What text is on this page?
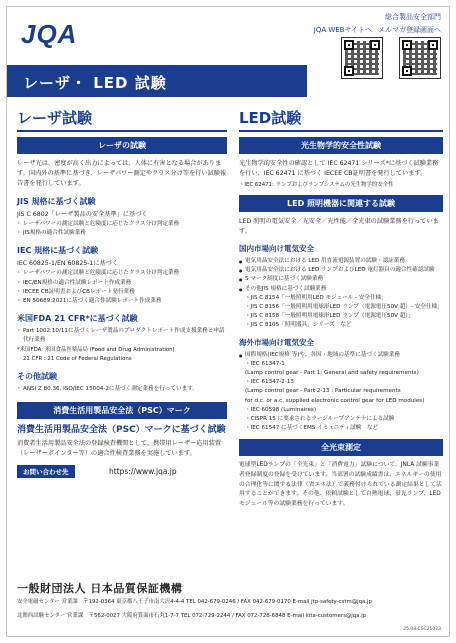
JQA
総合製品安全部門
JQA WEBサイトへ メルマガ登録画面へ
レーザ・ LED 試験
レーザ試験
レーザの試験
レーザ光は、密度が高く出力によっては、人体に有害となる場合があります。国内外の基準に基づき、レーザパワー測定やクラス分け等を行い試験報告書を発行しています。
JIS 規格に基づく試験
JIS C 6802「レーザ製品の安全基準」に基づく
・ レーザパワーの測定試験と危険度に応じたクラス分け判定業務
・ JIS規格の適合性試験業務
IEC 規格に基づく試験
IEC 60825-1/EN 60825-1に基づく
・ レーザパワーの測定試験と危険度に応じたクラス分け判定業務
・ IEC/EN規格の適合性試験レポート作成業務
・ IECEE CB証明書およびCBレポート発行業務
・ EN 50689:2021に基づく適合性試験レポート作成業務
米国FDA 21 CFR*に基づく試験
・ Part 1002.10/11に基づくレーザ製品のプロダクトレポート作成支援業務と申請代行業務
*米国FDA: 米国食品医薬品局 (Food and Drug Administration)
21 CFR : 21 Code of Federal Regulations
その他試験
・ ANSI Z 80.36, ISO/IEC 15004-2に基づく測定業務を行っています。
消費生活用製品安全法（PSC）マーク
消費生活用製品安全法（PSC）マークに基づく試験
消費者生活用製品安全法の登録検査機関として、携帯用レーザー応用装置（レーザーポインター等）の適合性検査業務を実施しています。
お問い合わせ先	https://www.jqa.jp
LED試験
光生物学的安全性試験
光生物学的安全性の確認として IEC 62471 シリーズ*に基づく試験業務を行い、IEC 62471 に基づく IECEE CB証明書を発行しています。
・IEC 62471: ランプおよびランプシステムの光生物学的安全性
LED 照明機器に関連する試験
LED 照明の電気安全／光安全／光性能／全光束の試験業務を行っています。
国内市場向け電気安全
● 電気用品安全法における LED 用直流電源装置の試験・認証業務
● 電気用品安全法における LED ランプおよびLED 電灯器具の適合性確認試験
● S マーク制度に基づく試験業務
● その他JIS 規格に基づく試験業務
・JIS C 8154「一般照明用LED モジュール - 安全仕様」
・JIS C 8156「一般照明用電球形LED ランプ（電源電圧50V 超）- 安全仕様」
・JIS C 8158「一般照明用電球形LED ランプ（電源電圧50V 超）」
・JIS C 8105「照明器具」シリーズ　など
海外市場向け電気安全
● 国際規格(IEC規格 等)や、各国・地域の基準に基づく試験業務
・IEC 61347-1
(Lamp control gear - Part 1: General and safety requirements)
・IEC 61347-2-13
(Lamp control gear - Part 2-13 : Particular requirements
for d.c. or a.c. supplied electronic control gear for LED modules)
・IEC 60598 (Luminaires)
・CISPR 15 に要求されるラージループアンテナによる試験
・IEC 61547 に基づくEMS イミュニティ試験　など
全光束測定
電球型LEDランプの「全光束」と「消費電力」試験について、JNLA 試験事業者登録制度の登録を受けています。当部署の試験成績書は、エネルギーの使用の合理化等に関する法律（省エネ法）で義務付けられている測定結果として活用することができます。その他、依頼試験として白熱電球、蛍光ランプ、LEDモジュール等の試験業務を行っています。
一般財団法人 日本品質保証機構
安全電磁センター 営業課　〒192-0364 東京都八王子市南大沢4-4-4 TEL 042-679-0246 / FAX 042-679-0170 E-mail jtp-safety-cstm@jqa.jp
北関西試験センター 営業課　〒562-0027 大阪府箕面市石丸1-7-7 TEL 072-729-2244 / FAX 072-728-6848 E-mail kita-customers@jqa.jp
25.08 CSC25023
